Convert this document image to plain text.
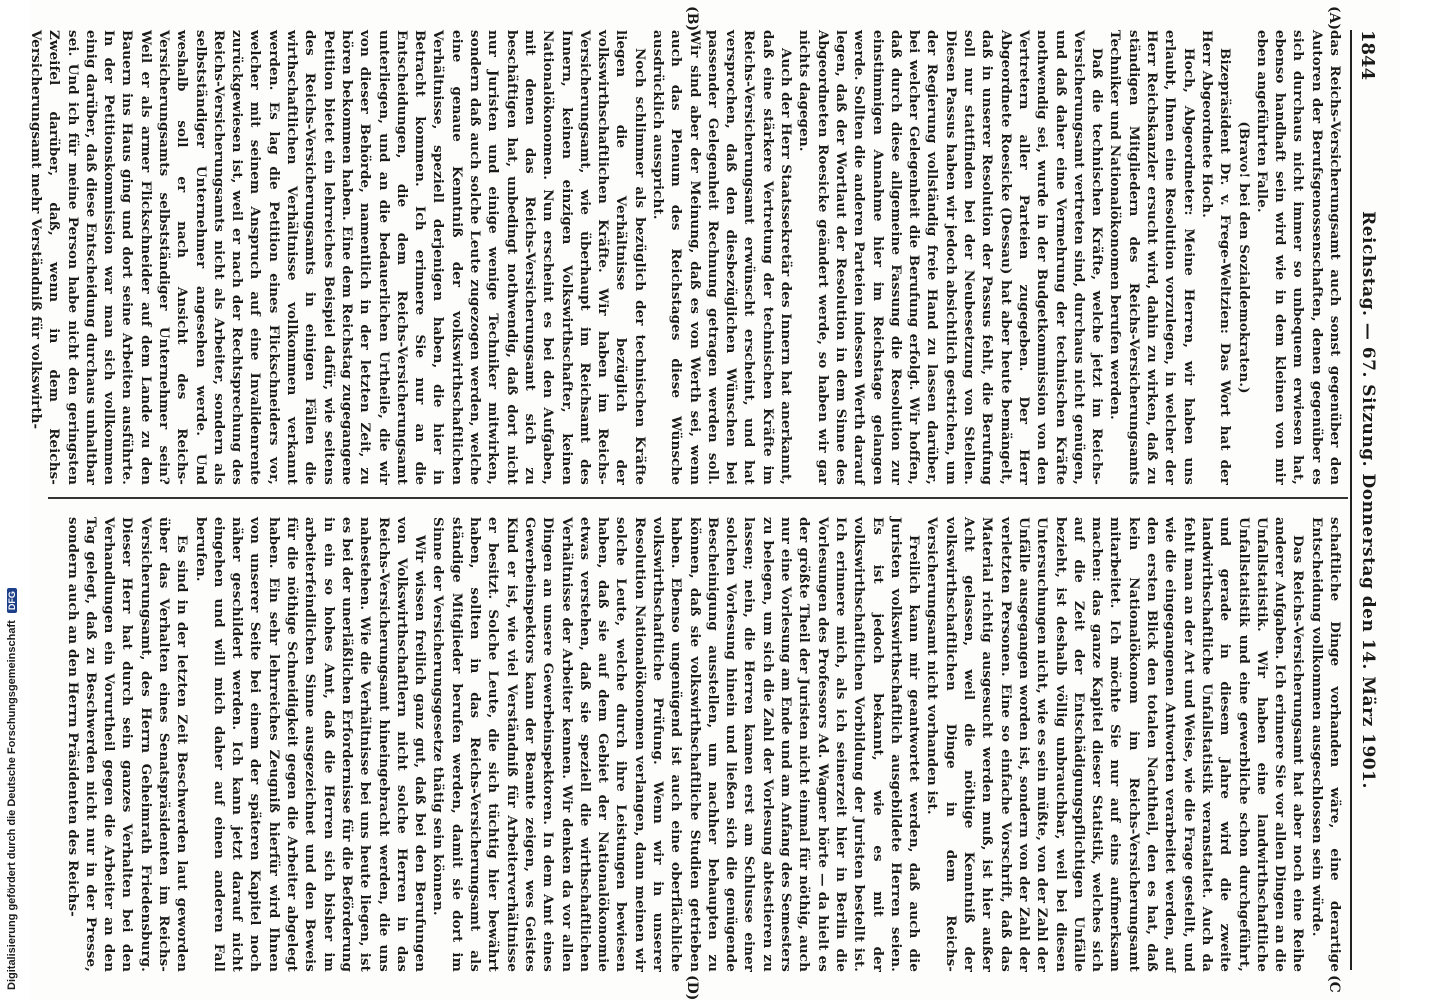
1844
Reichstag. — 67. Sitzung. Donnerstag den 14. März 1901.
(A)
(B)
(C
(D)

das Reichs-Versicherungsamt auch sonst gegenüber den Autoren der Berufsgenossenschaften, denen gegenüber es sich durchaus nicht immer so unbequem erwiesen hat, ebenso handhaft sein wird wie in dem kleinen von mir eben angeführten Falle.

(Bravo! bei den Sozialdemokraten.)

Bizepräsident Dr. v. Frege-Weltzien: Das Wort hat der Herr Abgeordnete Hoch.

Hoch, Abgeordneter: Meine Herren, wir haben uns erlaubt, Ihnen eine Resolution vorzulegen, in welcher der Herr Reichskanzler ersucht wird, dahin zu wirken, daß zu ständigen Mitgliedern des Reichs-Versicherungsamts Techniker und Nationalökonomen berufen werden.

Daß die technischen Kräfte, welche jetzt im Reichs-Versicherungsamt vertreten sind, durchaus nicht genügen, und daß daher eine Vermehrung der technischen Kräfte nothwendig sei, wurde in der Budgetkommission von den Vertretern aller Parteien zugegeben. Der Herr Abgeordnete Roesicke (Dessau) hat aber heute bemängelt, daß in unserer Resolution der Passus fehlt, die Berufung soll nur stattfinden bei der Neubesetzung von Stellen. Diesen Passus haben wir jedoch absichtlich gestrichen, um der Regierung vollständig freie Hand zu lassen darüber, bei welcher Gelegenheit die Berufung erfolgt. Wir hoffen, daß durch diese allgemeine Fassung die Resolution zur einstimmigen Annahme hier im Reichstage gelangen werde. Sollten die anderen Parteien indessen Werth darauf legen, daß der Wortlaut der Resolution in dem Sinne des Abgeordneten Roesicke geändert werde, so haben wir gar nichts dagegen.

Auch der Herr Staatssekretär des Innern hat anerkannt, daß eine stärkere Vertretung der technischen Kräfte im Reichs-Versicherungsamt erwünscht erscheint, und hat versprochen, daß den diesbezüglichen Wünschen bei passender Gelegenheit Rechnung getragen werden soll. Wir sind aber der Meinung, daß es von Werth sei, wenn auch das Plenum des Reichstages diese Wünsche ausdrücklich ausspricht.

Noch schlimmer als bezüglich der technischen Kräfte liegen die Verhältnisse bezüglich der volkswirthschaftlichen Kräfte. Wir haben im Reichs-Versicherungsamt, wie überhaupt im Reichsamt des Innern, keinen einzigen Volkswirthschafter, keinen Nationalökonomen. Nun erscheint es bei den Aufgaben, mit denen das Reichs-Versicherungsamt sich zu beschäftigen hat, unbedingt nothwendig, daß dort nicht nur Juristen und einige wenige Techniker mitwirken, sondern daß auch solche Leute zugezogen werden, welche eine genaue Kenntniß der volkswirthschaftlichen Verhältnisse, speziell derjenigen haben, die hier in Betracht kommen. Ich erinnere Sie nur an die Entscheidungen, die dem Reichs-Versicherungsamt unterliegen, und an die bedauerlichen Urtheile, die wir von dieser Behörde, namentlich in der letzten Zeit, zu hören bekommen haben. Eine dem Reichstag zugegangene Petition bietet ein lehrreiches Beispiel dafür, wie seitens des Reichs-Versicherungsamts in einigen Fällen die wirthschaftlichen Verhältnisse vollkommen verkannt werden. Es lag die Petition eines Flickschneiders vor, welcher mit seinem Anspruch auf eine Invalidenrente zurückgewiesen ist, weil er nach der Rechtsprechung des Reichs-Versicherungsamts nicht als Arbeiter, sondern als selbstständiger Unternehmer angesehen werde. Und weshalb soll er nach Ansicht des Reichs-Versicherungsamts selbstständiger Unternehmer sein? Weil er als armer Flickschneider auf dem Lande zu den Bauern ins Haus ging und dort seine Arbeiten ausführte. In der Petitionskommission war man sich vollkommen einig darüber, daß diese Entscheidung durchaus unhaltbar sei. Und ich für meine Person habe nicht den geringsten Zweifel darüber, daß, wenn in dem Reichs-Versicherungsamt mehr Verständniß für volkswirth-

schaftliche Dinge vorhanden wäre, eine derartige Entscheidung vollkommen ausgeschlossen sein würde.

Das Reichs-Versicherungsamt hat aber noch eine Reihe anderer Aufgaben. Ich erinnere Sie vor allen Dingen an die Unfallstatistik. Wir haben eine landwirthschaftliche Unfallstatistik und eine gewerbliche schon durchgeführt, und gerade in diesem Jahre wird die zweite landwirthschaftliche Unfallstatistik veranstaltet. Auch da fehlt man an der Art und Weise, wie die Frage gestellt, und wie die eingegangenen Antworten verarbeitet werden, auf den ersten Blick den totalen Nachtheil, den es hat, daß kein Nationalökonom im Reichs-Versicherungsamt mitarbeitet. Ich möchte Sie nur auf eins aufmerksam machen: das ganze Kapitel dieser Statistik, welches sich auf die Zeit der Entschädigungspflichtigen Unfälle bezieht, ist deshalb völlig unbrauchbar, weil bei diesen Untersuchungen nicht, wie es sein müßte, von der Zahl der Unfälle ausgegangen worden ist, sondern von der Zahl der verletzten Personen. Eine so einfache Vorschrift, daß das Material richtig ausgesucht werden muß, ist hier außer Acht gelassen, weil die nöthige Kenntniß der volkswirthschaftlichen Dinge in dem Reichs-Versicherungsamt nicht vorhanden ist.

Freilich kann mir geantwortet werden, daß auch die Juristen volkswirthschaftlich ausgebildete Herren seien. Es ist jedoch bekannt, wie es mit der volkswirthschaftlichen Vorbildung der Juristen bestellt ist. Ich erinnere mich, als ich seinerzeit hier in Berlin die Vorlesungen des Professors Ad. Wagner hörte — da hielt es der größte Theil der Juristen nicht einmal für nöthig, auch nur eine Vorlesung am Ende und am Anfang des Semesters zu belegen, um sich die Zahl der Vorlesung abtestieren zu lassen; nein, die Herren kamen erst am Schlusse einer solchen Vorlesung hinein und ließen sich die genügende Bescheinigung ausstellen, um nachher behaupten zu können, daß sie volkswirthschaftliche Studien getrieben haben. Ebenso ungenügend ist auch eine oberflächliche volkswirthschaftliche Prüfung. Wenn wir in unserer Resolution Nationalökonomen verlangen, dann meinen wir solche Leute, welche durch ihre Leistungen bewiesen haben, daß sie auf dem Gebiet der Nationalökonomie etwas verstehen, daß sie speziell die wirthschaftlichen Verhältnisse der Arbeiter kennen. Wir denken da vor allen Dingen an unsere Gewerbeinspektoren. In dem Amt eines Gewerbeinspektors kann der Beamte zeigen, wes Geistes Kind er ist, wie viel Verständniß für Arbeiterverhältnisse er besitzt. Solche Leute, die sich tüchtig hier bewährt haben, sollten in das Reichs-Versicherungsamt als ständige Mitglieder berufen werden, damit sie dort im Sinne der Versicherungsgesetze thätig sein können.

Wir wissen freilich ganz gut, daß bei den Berufungen von Volkswirthschaftlern nicht solche Herren in das Reichs-Versicherungsamt hineingebracht werden, die uns nahestehen. Wie die Verhältnisse bei uns heute liegen, ist es bei der unerläßlichen Erfordernisse für die Beförderung in ein so hohes Amt, daß die Herren sich bisher im arbeiterfeindlichen Sinne ausgezeichnet und den Beweis für die nöthige Schneidigkeit gegen die Arbeiter abgelegt haben. Ein sehr lehrreiches Zeugniß hierfür wird Ihnen von unserer Seite bei einem der späteren Kapitel noch näher geschildert werden. Ich kann jetzt darauf nicht eingehen und will mich daher auf einen anderen Fall berufen.

Es sind in der letzten Zeit Beschwerden laut geworden über das Verhalten eines Senatspräsidenten im Reichs-Versicherungsamt, des Herrn Geheimrath Friedensburg. Dieser Herr hat durch sein ganzes Verhalten bei den Verhandlungen ein Vorurtheil gegen die Arbeiter an den Tag gelegt, daß zu Beschwerden nicht nur in der Presse, sondern auch an den Herrn Präsidenten des Reichs-

Digitalisierung gefördert durch die Deutsche Forschungsgemeinschaft DFG
